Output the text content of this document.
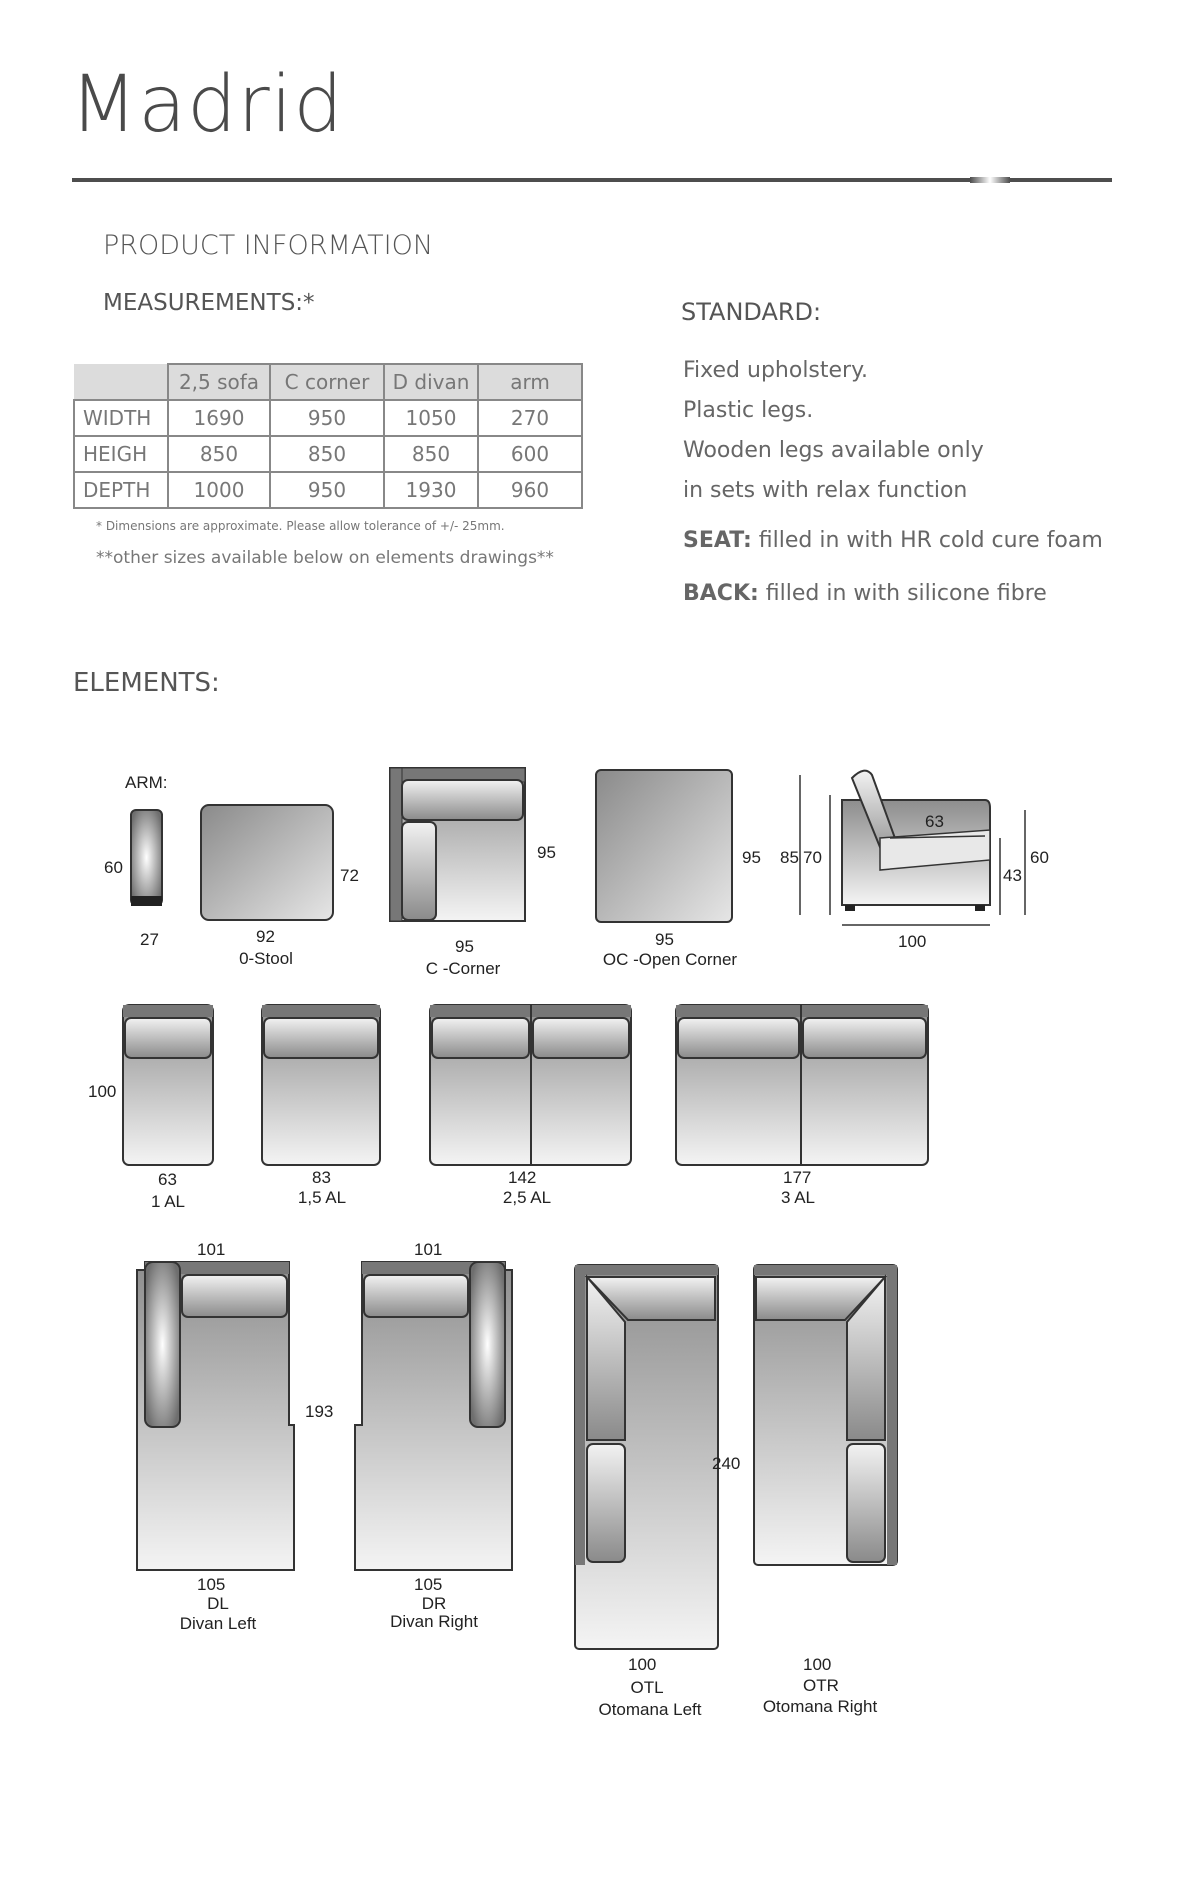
Madrid
PRODUCT INFORMATION
MEASUREMENTS:*
	2,5 sofa	C corner	D divan	arm
WIDTH	1690	950	1050	270
HEIGH	850	850	850	600
DEPTH	1000	950	1930	960
* Dimensions are approximate. Please allow tolerance of +/- 25mm.
**other sizes available below on elements drawings**
STANDARD:
Fixed upholstery.
Plastic legs.
Wooden legs available only
in sets with relax function
SEAT: filled in with HR cold cure foam
BACK: filled in with silicone fibre
ELEMENTS:
ARM:
60
27
72
92
0-Stool
95
95
C -Corner
95
95
OC -Open Corner
63
85 70	60
43
100
100
63
1 AL
83
1,5 AL
142
2,5 AL
177
3 AL
101	101
193
105
DL
Divan Left
105
DR
Divan Right
240
100
OTL
Otomana Left
100
OTR
Otomana Right
